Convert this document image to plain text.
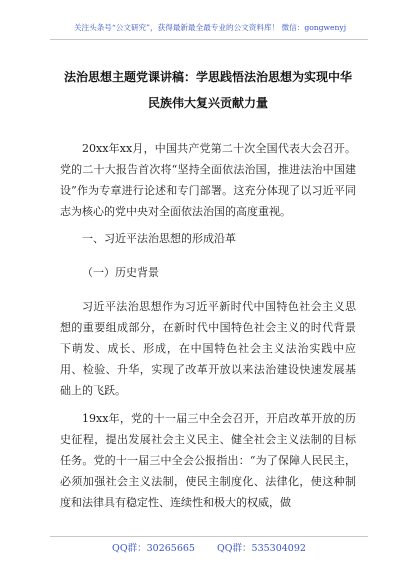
关注头条号“公文研究”，获得最新最全最专业的公文资料库！ 微信：gongwenyj
法治思想主题党课讲稿：学思践悟法治思想为实现中华民族伟大复兴贡献力量
20xx年xx月，中国共产党第二十次全国代表大会召开。党的二十大报告首次将“坚持全面依法治国，推进法治中国建设”作为专章进行论述和专门部署。这充分体现了以习近平同志为核心的党中央对全面依法治国的高度重视。
一、习近平法治思想的形成沿革
（一）历史背景
习近平法治思想作为习近平新时代中国特色社会主义思想的重要组成部分，在新时代中国特色社会主义的时代背景下萌发、成长、形成，在中国特色社会主义法治实践中应用、检验、升华，实现了改革开放以来法治建设快速发展基础上的飞跃。
19xx年，党的十一届三中全会召开，开启改革开放的历史征程，提出发展社会主义民主、健全社会主义法制的目标任务。党的十一届三中全会公报指出：“为了保障人民民主，必须加强社会主义法制，使民主制度化、法律化，使这种制度和法律具有稳定性、连续性和极大的权威，做
QQ群：30265665 QQ群：535304092
